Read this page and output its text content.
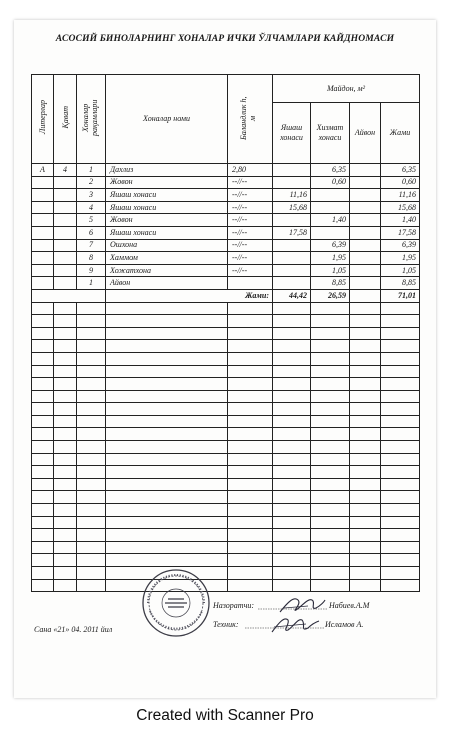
АСОСИЙ БИНОЛАРНИНГ ХОНАЛАР ИЧКИ ЎЛЧАМЛАРИ КАЙДНОМАСИ
Литерлар	Қават	Хоналар рақамлари	Хоналар номи	Баландлик h, м	Майдон, м²			
					Яшаш хонаси	Хизмат хонаси	Айвон	Жами
А	4	1	Дахлиз	2,80		6,35		6,35
		2	Жовон	--//--		0,60		0,60
		3	Яшаш хонаси	--//--	11,16			11,16
		4	Яшаш хонаси	--//--	15,68			15,68
		5	Жовон	--//--		1,40		1,40
		6	Яшаш хонаси	--//--	17,58			17,58
		7	Ошхона	--//--		6,39		6,39
		8	Хаммом	--//--		1,95		1,95
		9	Хожатхона	--//--		1,05		1,05
		1	Айвон			8,85		8,85
			Жами:		44,42	26,59		71,01

Сана «21» 04. 2011 йил
Назоратчи:	Набиев.А.М
Техник:	Исламов А.
Created with Scanner Pro
